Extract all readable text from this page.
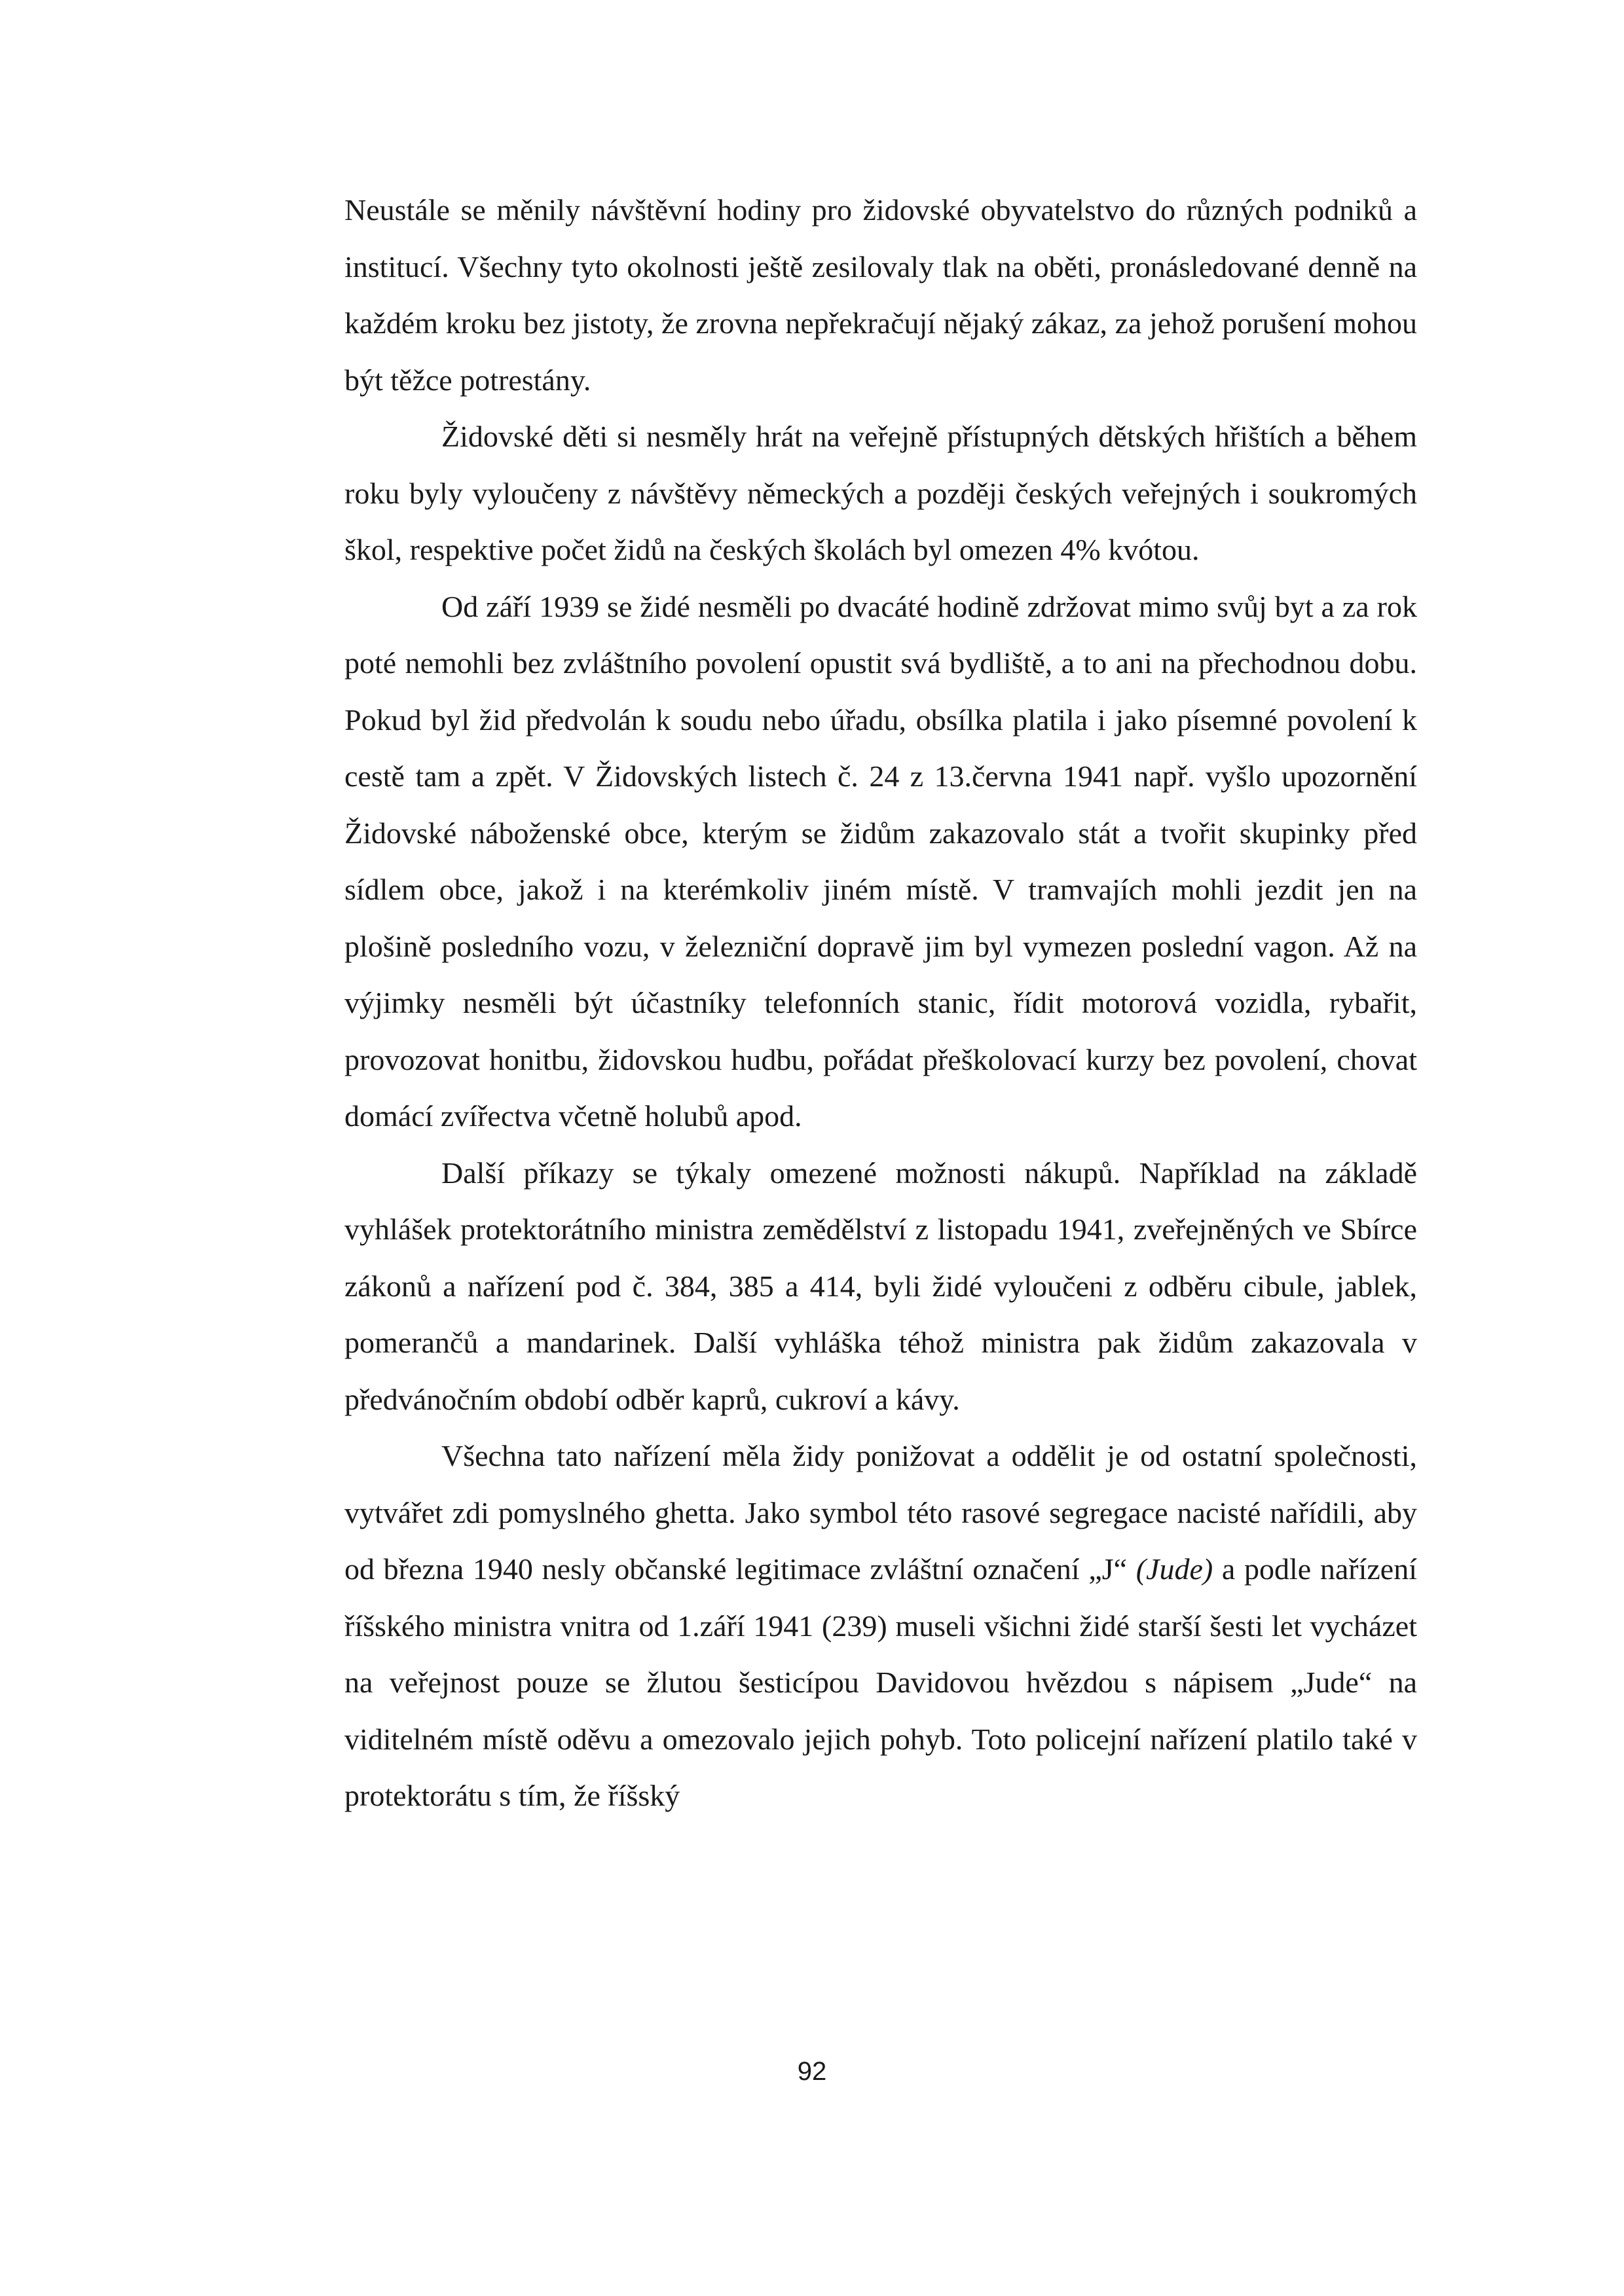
Neustále se měnily návštěvní hodiny pro židovské obyvatelstvo do různých podniků a institucí. Všechny tyto okolnosti ještě zesilovaly tlak na oběti, pronásledované denně na každém kroku bez jistoty, že zrovna nepřekračují nějaký zákaz, za jehož porušení mohou být těžce potrestány.

Židovské děti si nesměly hrát na veřejně přístupných dětských hřištích a během roku byly vyloučeny z návštěvy německých a později českých veřejných i soukromých škol, respektive počet židů na českých školách byl omezen 4% kvótou.

Od září 1939 se židé nesměli po dvacáté hodině zdržovat mimo svůj byt a za rok poté nemohli bez zvláštního povolení opustit svá bydliště, a to ani na přechodnou dobu. Pokud byl žid předvolán k soudu nebo úřadu, obsílka platila i jako písemné povolení k cestě tam a zpět. V Židovských listech č. 24 z 13.června 1941 např. vyšlo upozornění Židovské náboženské obce, kterým se židům zakazovalo stát a tvořit skupinky před sídlem obce, jakož i na kterémkoliv jiném místě. V tramvajích mohli jezdit jen na plošině posledního vozu, v železniční dopravě jim byl vymezen poslední vagon. Až na výjimky nesměli být účastníky telefonních stanic, řídit motorová vozidla, rybařit, provozovat honitbu, židovskou hudbu, pořádat přeškolovací kurzy bez povolení, chovat domácí zvířectva včetně holubů apod.

Další příkazy se týkaly omezené možnosti nákupů. Například na základě vyhlášek protektorátního ministra zemědělství z listopadu 1941, zveřejněných ve Sbírce zákonů a nařízení pod č. 384, 385 a 414, byli židé vyloučeni z odběru cibule, jablek, pomerančů a mandarinek. Další vyhláška téhož ministra pak židům zakazovala v předvánočním období odběr kaprů, cukroví a kávy.

Všechna tato nařízení měla židy ponižovat a oddělit je od ostatní společnosti, vytvářet zdi pomyslného ghetta. Jako symbol této rasové segregace nacisté nařídili, aby od března 1940 nesly občanské legitimace zvláštní označení „J“ (Jude) a podle nařízení říšského ministra vnitra od 1.září 1941 (239) museli všichni židé starší šesti let vycházet na veřejnost pouze se žlutou šesticípou Davidovou hvězdou s nápisem „Jude“ na viditelném místě oděvu a omezovalo jejich pohyb. Toto policejní nařízení platilo také v protektorátu s tím, že říšský

92
